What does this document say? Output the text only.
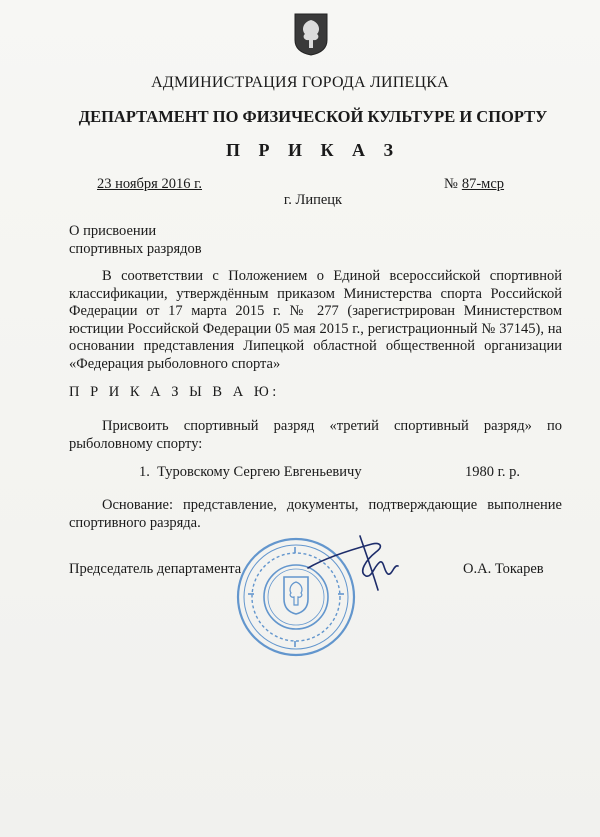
АДМИНИСТРАЦИЯ ГОРОДА ЛИПЕЦКА
ДЕПАРТАМЕНТ ПО ФИЗИЧЕСКОЙ КУЛЬТУРЕ И СПОРТУ
П Р И К А З
23 ноября 2016 г.	№ 87-мср
г. Липецк
О присвоении
спортивных разрядов
В соответствии с Положением о Единой всероссийской спортивной классификации, утверждённым приказом Министерства спорта Российской Федерации от 17 марта 2015 г. № 277 (зарегистрирован Министерством юстиции Российской Федерации 05 мая 2015 г., регистрационный № 37145), на основании представления Липецкой областной общественной организации «Федерация рыболовного спорта»
П Р И К А З Ы В А Ю:
Присвоить спортивный разряд «третий спортивный разряд» по рыболовному спорту:
1. Туровскому Сергею Евгеньевичу	1980 г. р.
Основание: представление, документы, подтверждающие выполнение спортивного разряда.
Председатель департамента	О.А. Токарев
